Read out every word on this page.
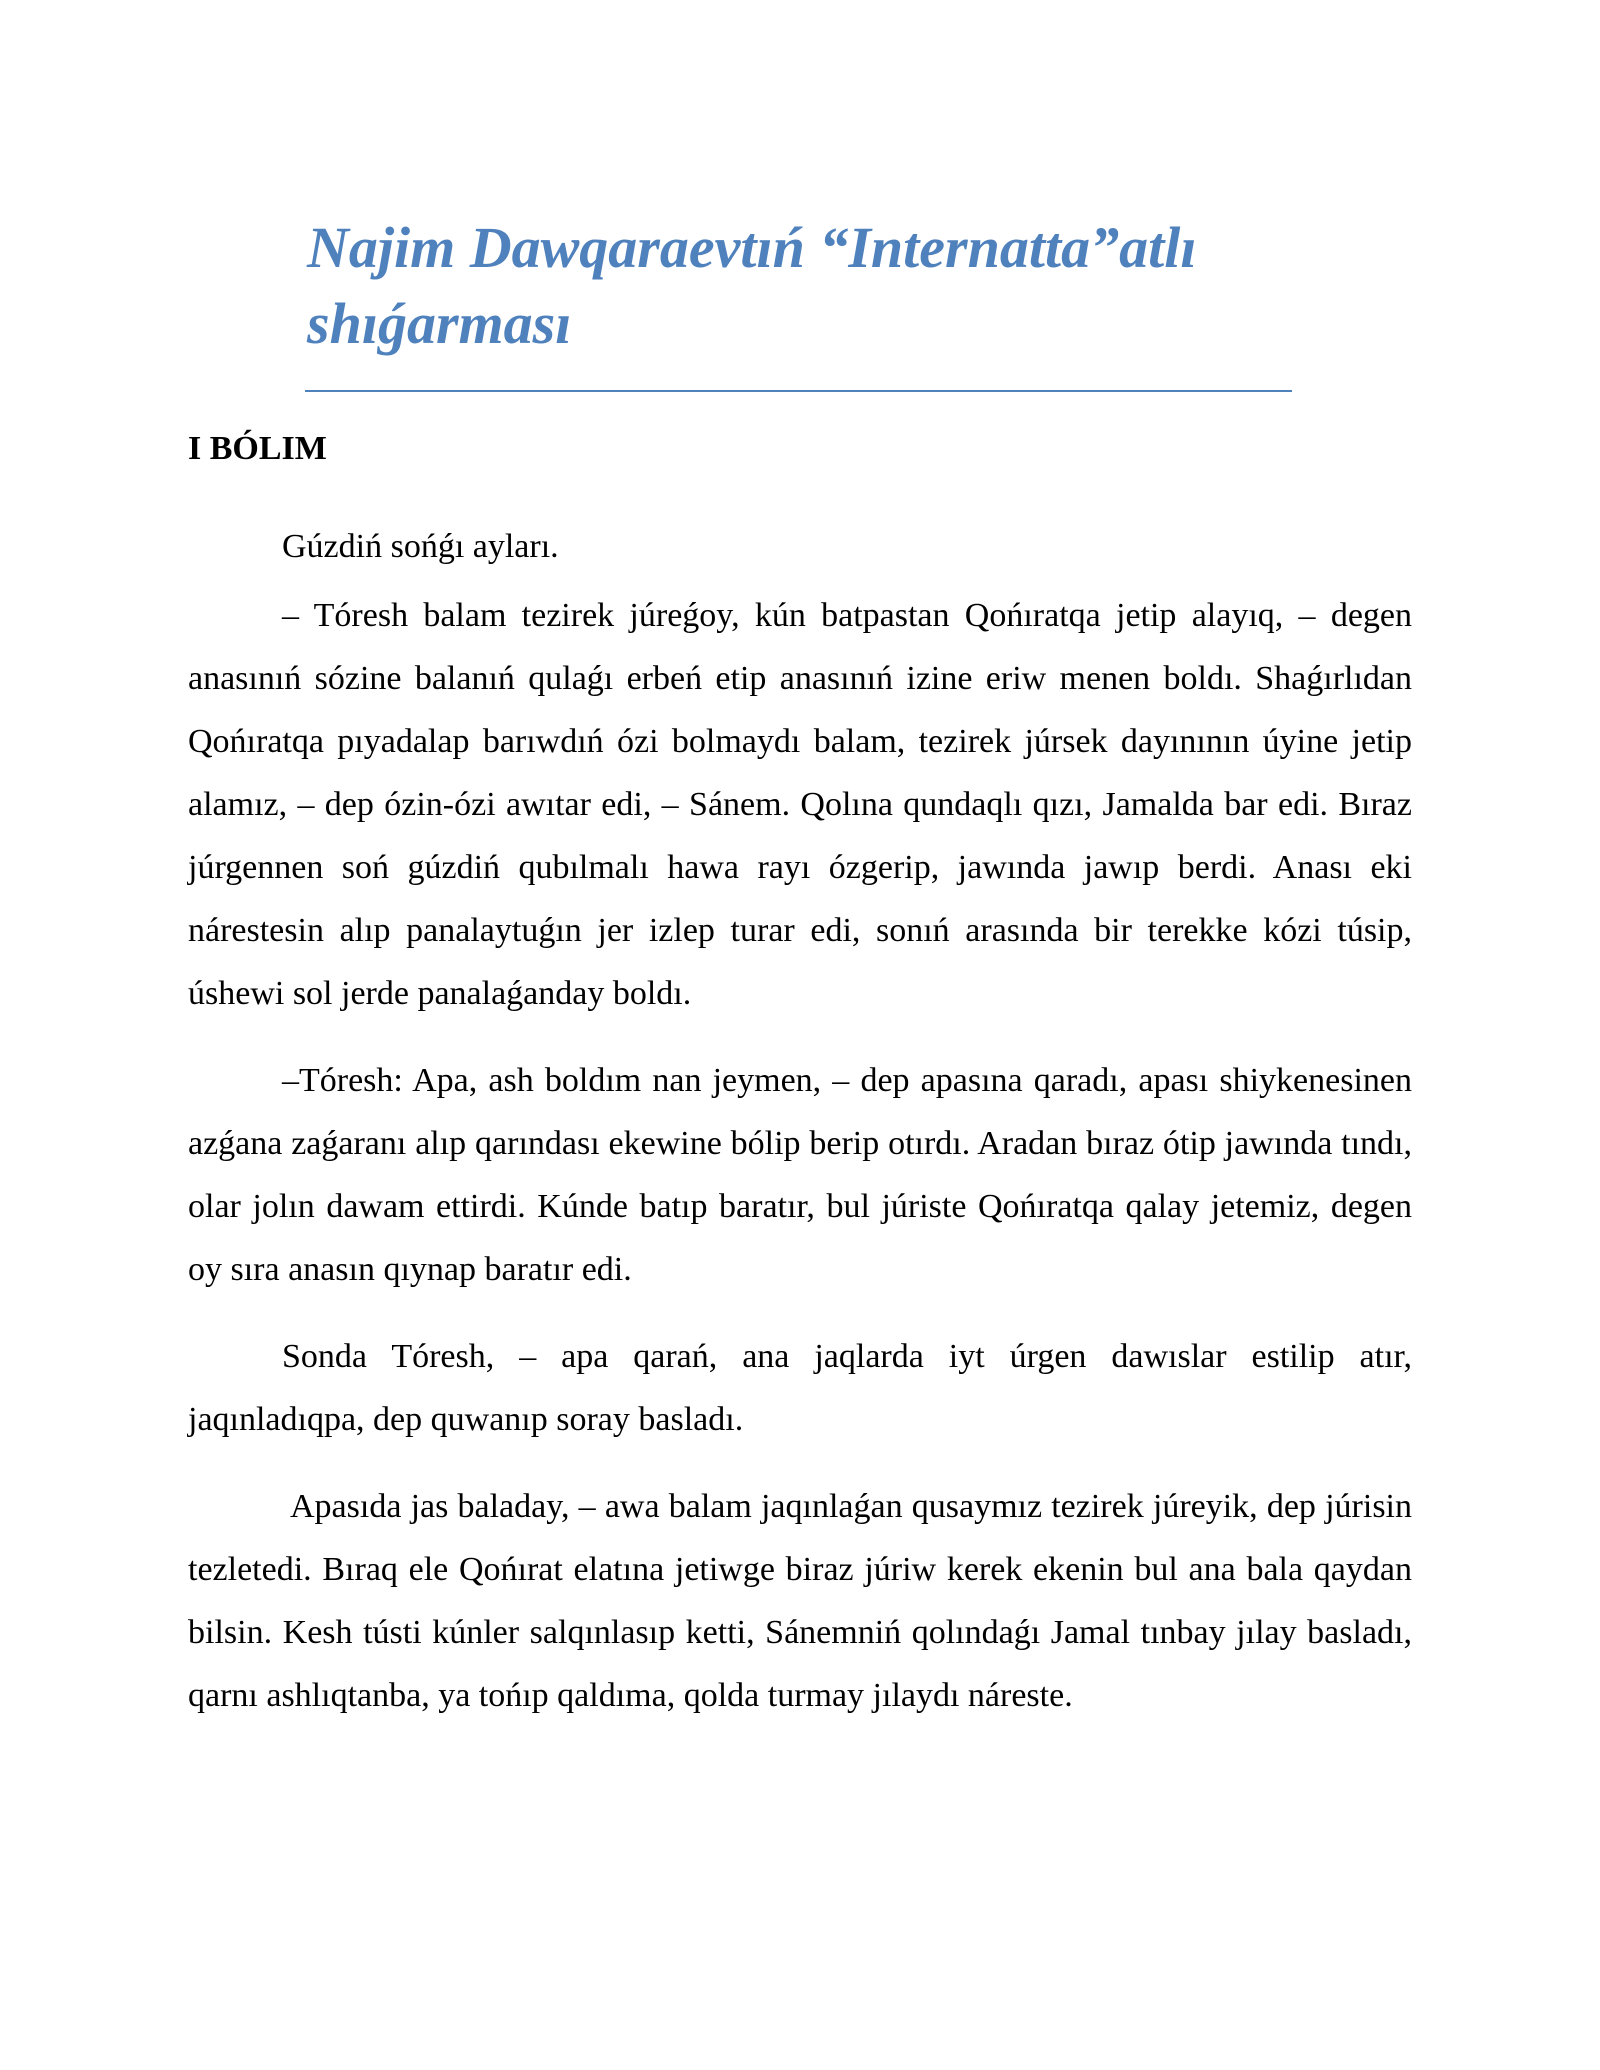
Najim Dawqaraevtıń “Internatta”atlı shıǵarması
I BÓLIM

Gúzdiń sońǵı ayları.

– Tóresh balam tezirek júreǵoy, kún batpastan Qońıratqa jetip alayıq, – degen anasınıń sózine balanıń qulaǵı erbeń etip anasınıń izine eriw menen boldı. Shaǵırlıdan Qońıratqa pıyadalap barıwdıń ózi bolmaydı balam, tezirek júrsek dayınının úyine jetip alamız, – dep ózin-ózi awıtar edi, – Sánem. Qolına qundaqlı qızı, Jamalda bar edi. Bıraz júrgennen soń gúzdiń qubılmalı hawa rayı ózgerip, jawında jawıp berdi. Anası eki nárestesin alıp panalaytuǵın jer izlep turar edi, sonıń arasında bir terekke kózi túsip, úshewi sol jerde panalaǵanday boldı.

–Tóresh: Apa, ash boldım nan jeymen, – dep apasına qaradı, apası shiykenesinen azǵana zaǵaranı alıp qarındası ekewine bólip berip otırdı. Aradan bıraz ótip jawında tındı, olar jolın dawam ettirdi. Kúnde batıp baratır, bul júriste Qońıratqa qalay jetemiz, degen oy sıra anasın qıynap baratır edi.

Sonda Tóresh, – apa qarań, ana jaqlarda iyt úrgen dawıslar estilip atır, jaqınladıqpa, dep quwanıp soray basladı.

Apasıda jas baladay, – awa balam jaqınlaǵan qusaymız tezirek júreyik, dep júrisin tezletedi. Bıraq ele Qońırat elatına jetiwge biraz júriw kerek ekenin bul ana bala qaydan bilsin. Kesh tústi kúnler salqınlasıp ketti, Sánemniń qolındaǵı Jamal tınbay jılay basladı, qarnı ashlıqtanba, ya tońıp qaldıma, qolda turmay jılaydı náreste.
